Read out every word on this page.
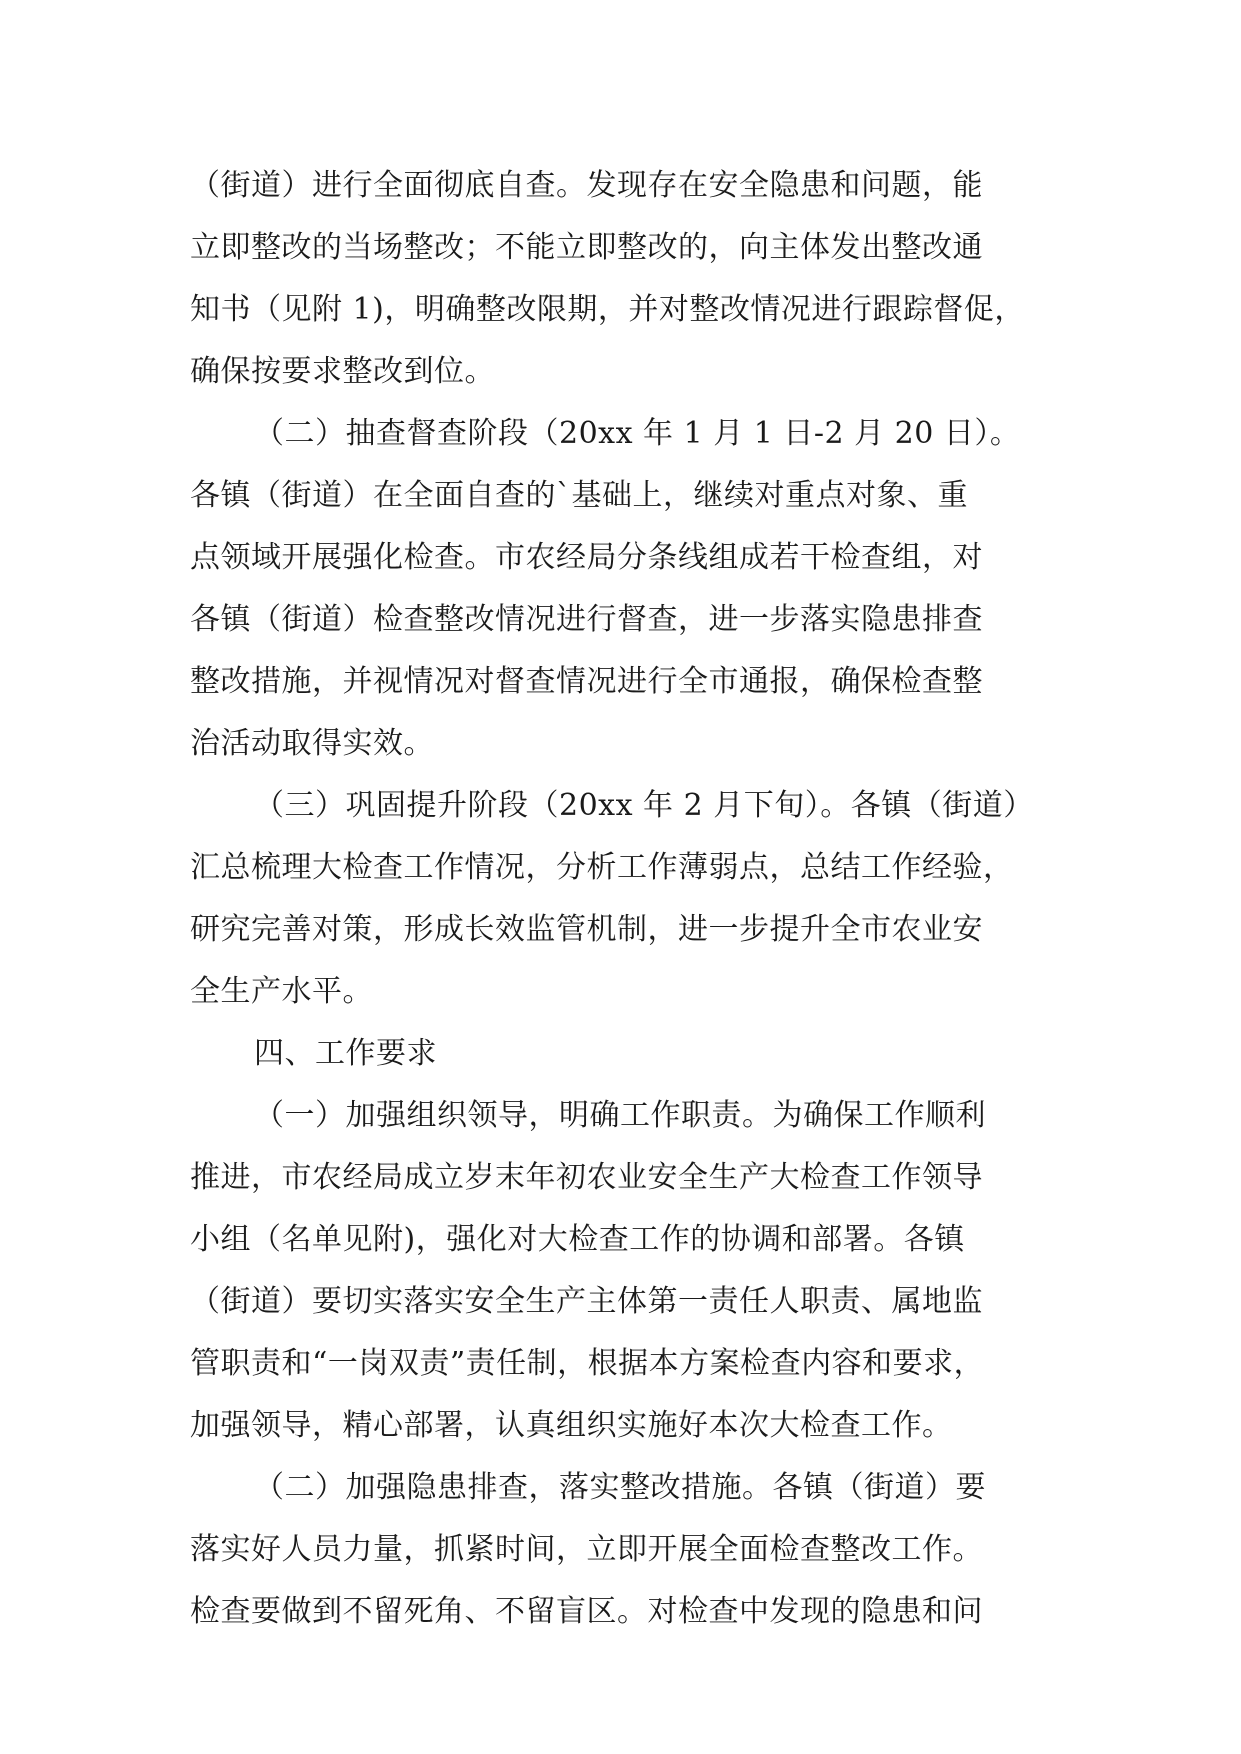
（街道）进行全面彻底自查。发现存在安全隐患和问题，能
立即整改的当场整改；不能立即整改的，向主体发出整改通
知书（见附 1)，明确整改限期，并对整改情况进行跟踪督促，
确保按要求整改到位。
（二）抽查督查阶段（20xx 年 1 月 1 日-2 月 20 日）。
各镇（街道）在全面自查的`基础上，继续对重点对象、重
点领域开展强化检查。市农经局分条线组成若干检查组，对
各镇（街道）检查整改情况进行督查，进一步落实隐患排查
整改措施，并视情况对督查情况进行全市通报，确保检查整
治活动取得实效。
（三）巩固提升阶段（20xx 年 2 月下旬）。各镇（街道）
汇总梳理大检查工作情况，分析工作薄弱点，总结工作经验，
研究完善对策，形成长效监管机制，进一步提升全市农业安
全生产水平。
四、工作要求
（一）加强组织领导，明确工作职责。为确保工作顺利
推进，市农经局成立岁末年初农业安全生产大检查工作领导
小组（名单见附)，强化对大检查工作的协调和部署。各镇
（街道）要切实落实安全生产主体第一责任人职责、属地监
管职责和“一岗双责”责任制，根据本方案检查内容和要求，
加强领导，精心部署，认真组织实施好本次大检查工作。
（二）加强隐患排查，落实整改措施。各镇（街道）要
落实好人员力量，抓紧时间，立即开展全面检查整改工作。
检查要做到不留死角、不留盲区。对检查中发现的隐患和问
